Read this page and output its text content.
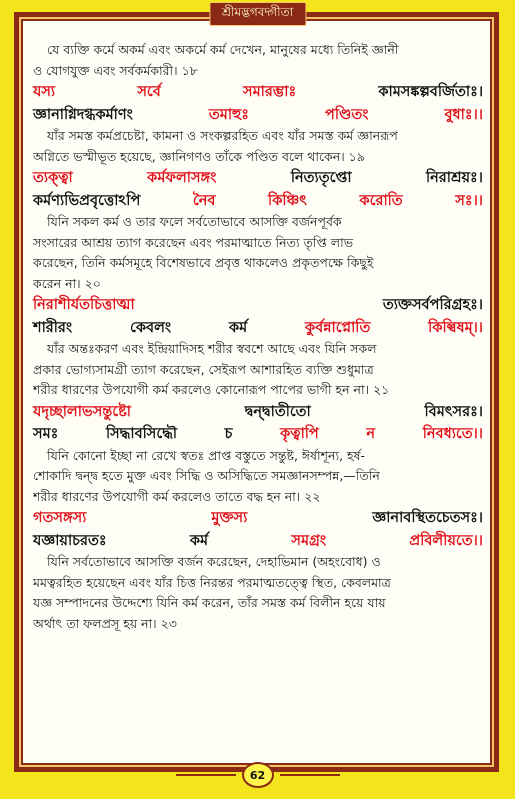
শ্রীমদ্ভগবদ্গীতা
যে ব্যক্তি কর্মে অকর্ম এবং অকর্মে কর্ম দেখেন, মানুষের মধ্যে তিনিই জ্ঞানী
ও যোগযুক্ত এবং সর্বকর্মকারী। ১৮
যস্য	সর্বে	সমারম্ভাঃ	কামসঙ্কল্পবর্জিতাঃ।
জ্ঞানাগ্নিদগ্ধকর্মাণং	তমাহুঃ	পণ্ডিতং	বুধাঃ।।
যাঁর সমস্ত কর্মপ্রচেষ্টা, কামনা ও সংকল্পরহিত এবং যাঁর সমস্ত কর্ম জ্ঞানরূপ
অগ্নিতে ভস্মীভূত হয়েছে, জ্ঞানিগণও তাঁকে পণ্ডিত বলে থাকেন। ১৯
ত্যক্ত্বা	কর্মফলাসঙ্গং	নিত্যতৃপ্তো	নিরাশ্রয়ঃ।
কর্মণ্যভিপ্রবৃত্তোঽপি	নৈব	কিঞ্চিৎ	করোতি	সঃ।।
যিনি সকল কর্ম ও তার ফলে সর্বতোভাবে আসক্তি বর্জনপূর্বক
সংসারের আশ্রয় ত্যাগ করেছেন এবং পরমাত্মাতে নিত্য তৃপ্তি লাভ
করেছেন, তিনি কর্মসমূহে বিশেষভাবে প্রবৃত্ত থাকলেও প্রকৃতপক্ষে কিছুই
করেন না। ২০
নিরাশীর্যতচিত্তাত্মা	ত্যক্তসর্বপরিগ্রহঃ।
শারীরং	কেবলং	কর্ম	কুর্বন্নাপ্নোতি	কিল্বিষম্।।
যাঁর অন্তঃকরণ এবং ইন্দ্রিয়াদিসহ শরীর স্ববশে আছে এবং যিনি সকল
প্রকার ভোগ্যসামগ্রী ত্যাগ করেছেন, সেইরূপ আশারহিত ব্যক্তি শুধুমাত্র
শরীর ধারণের উপযোগী কর্ম করলেও কোনোরূপ পাপের ভাগী হন না। ২১
যদৃচ্ছালাভসন্তুষ্টো	দ্বন্দ্বাতীতো	বিমৎসরঃ।
সমঃ	সিদ্ধাবসিদ্ধৌ	চ	কৃত্বাপি	ন	নিবধ্যতে।।
যিনি কোনো ইচ্ছা না রেখে স্বতঃ প্রাপ্ত বস্তুতে সন্তুষ্ট, ঈর্ষাশূন্য, হর্ষ-
শোকাদি দ্বন্দ্ব হতে মুক্ত এবং সিদ্ধি ও অসিদ্ধিতে সমজ্ঞানসম্পন্ন,—তিনি
শরীর ধারণের উপযোগী কর্ম করলেও তাতে বদ্ধ হন না। ২২
গতসঙ্গস্য	মুক্তস্য	জ্ঞানাবস্থিতচেতসঃ।
যজ্ঞায়াচরতঃ	কর্ম	সমগ্রং	প্রবিলীয়তে।।
যিনি সর্বতোভাবে আসক্তি বর্জন করেছেন, দেহাভিমান (অহংবোধ) ও
মমত্বরহিত হয়েছেন এবং যাঁর চিত্ত নিরন্তর পরমাত্মতত্ত্বে স্থিত, কেবলমাত্র
যজ্ঞ সম্পাদনের উদ্দেশ্যে যিনি কর্ম করেন, তাঁর সমস্ত কর্ম বিলীন হয়ে যায়
অর্থাৎ তা ফলপ্রসূ হয় না। ২৩
62
